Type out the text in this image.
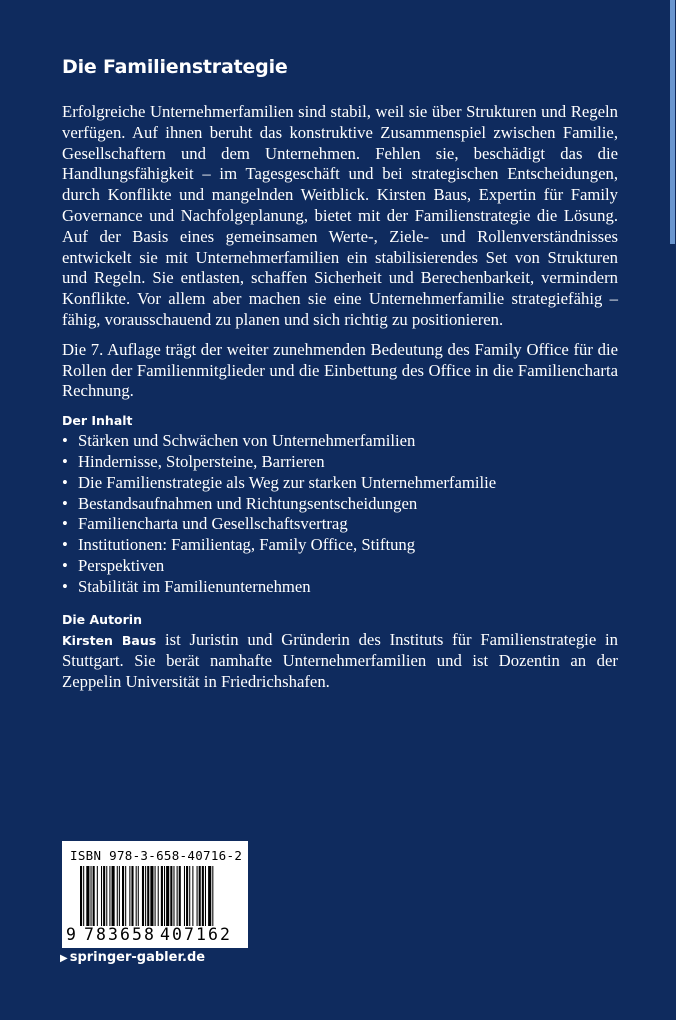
Die Familienstrategie

Erfolgreiche Unternehmerfamilien sind stabil, weil sie über Strukturen und Regeln verfügen. Auf ihnen beruht das konstruktive Zusammenspiel zwischen Familie, Gesellschaftern und dem Unternehmen. Fehlen sie, beschädigt das die Handlungsfähigkeit – im Tagesgeschäft und bei strategischen Entscheidungen, durch Konflikte und mangelnden Weitblick. Kirsten Baus, Expertin für Family Governance und Nachfolgeplanung, bietet mit der Familienstrategie die Lösung. Auf der Basis eines gemeinsamen Werte-, Ziele- und Rollenverständnisses entwickelt sie mit Unternehmerfamilien ein stabilisierendes Set von Strukturen und Regeln. Sie entlasten, schaffen Sicherheit und Berechenbarkeit, vermindern Konflikte. Vor allem aber machen sie eine Unternehmerfamilie strategiefähig – fähig, vorausschauend zu planen und sich richtig zu positionieren.

Die 7. Auflage trägt der weiter zunehmenden Bedeutung des Family Office für die Rollen der Familienmitglieder und die Einbettung des Office in die Familiencharta Rechnung.

Der Inhalt
• Stärken und Schwächen von Unternehmerfamilien
• Hindernisse, Stolpersteine, Barrieren
• Die Familienstrategie als Weg zur starken Unternehmerfamilie
• Bestandsaufnahmen und Richtungsentscheidungen
• Familiencharta und Gesellschaftsvertrag
• Institutionen: Familientag, Family Office, Stiftung
• Perspektiven
• Stabilität im Familienunternehmen
Die Autorin

Kirsten Baus ist Juristin und Gründerin des Instituts für Familienstrategie in Stuttgart. Sie berät namhafte Unternehmerfamilien und ist Dozentin an der Zeppelin Universität in Friedrichshafen.

ISBN 978-3-658-40716-2
9 7 8 3 6 5 8 4 0 7 1 6 2
▶ springer-gabler.de
